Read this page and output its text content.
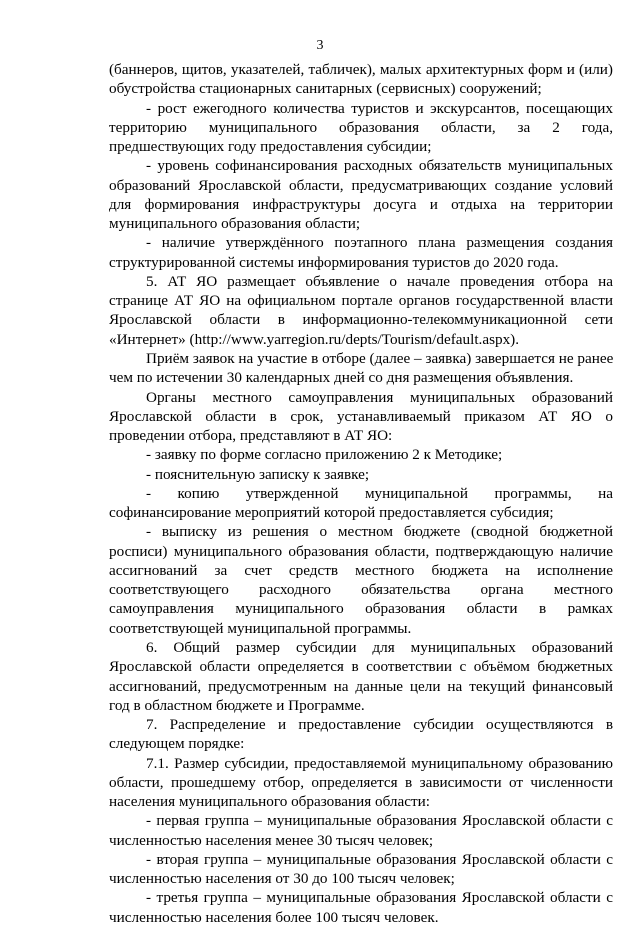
3
(баннеров, щитов, указателей, табличек), малых архитектурных форм и (или)
обустройства стационарных санитарных (сервисных) сооружений;
- рост ежегодного количества туристов и экскурсантов, посещающих
территорию муниципального образования области, за 2 года,
предшествующих году предоставления субсидии;
- уровень софинансирования расходных обязательств муниципальных
образований Ярославской области, предусматривающих создание условий
для формирования инфраструктуры досуга и отдыха на территории
муниципального образования области;
- наличие утверждённого поэтапного плана размещения создания
структурированной системы информирования туристов до 2020 года.
5. АТ ЯО размещает объявление о начале проведения отбора на
странице АТ ЯО на официальном портале органов государственной власти
Ярославской области в информационно-телекоммуникационной сети
«Интернет» (http://www.yarregion.ru/depts/Tourism/default.aspx).
Приём заявок на участие в отборе (далее – заявка) завершается не ранее
чем по истечении 30 календарных дней со дня размещения объявления.
Органы местного самоуправления муниципальных образований
Ярославской области в срок, устанавливаемый приказом АТ ЯО о
проведении отбора, представляют в АТ ЯО:
- заявку по форме согласно приложению 2 к Методике;
- пояснительную записку к заявке;
- копию утвержденной муниципальной программы, на
софинансирование мероприятий которой предоставляется субсидия;
- выписку из решения о местном бюджете (сводной бюджетной
росписи) муниципального образования области, подтверждающую наличие
ассигнований за счет средств местного бюджета на исполнение
соответствующего расходного обязательства органа местного
самоуправления муниципального образования области в рамках
соответствующей муниципальной программы.
6. Общий размер субсидии для муниципальных образований
Ярославской области определяется в соответствии с объёмом бюджетных
ассигнований, предусмотренным на данные цели на текущий финансовый
год в областном бюджете и Программе.
7. Распределение и предоставление субсидии осуществляются в
следующем порядке:
7.1. Размер субсидии, предоставляемой муниципальному образованию
области, прошедшему отбор, определяется в зависимости от численности
населения муниципального образования области:
- первая группа – муниципальные образования Ярославской области с
численностью населения менее 30 тысяч человек;
- вторая группа – муниципальные образования Ярославской области с
численностью населения от 30 до 100 тысяч человек;
- третья группа – муниципальные образования Ярославской области с
численностью населения более 100 тысяч человек.
